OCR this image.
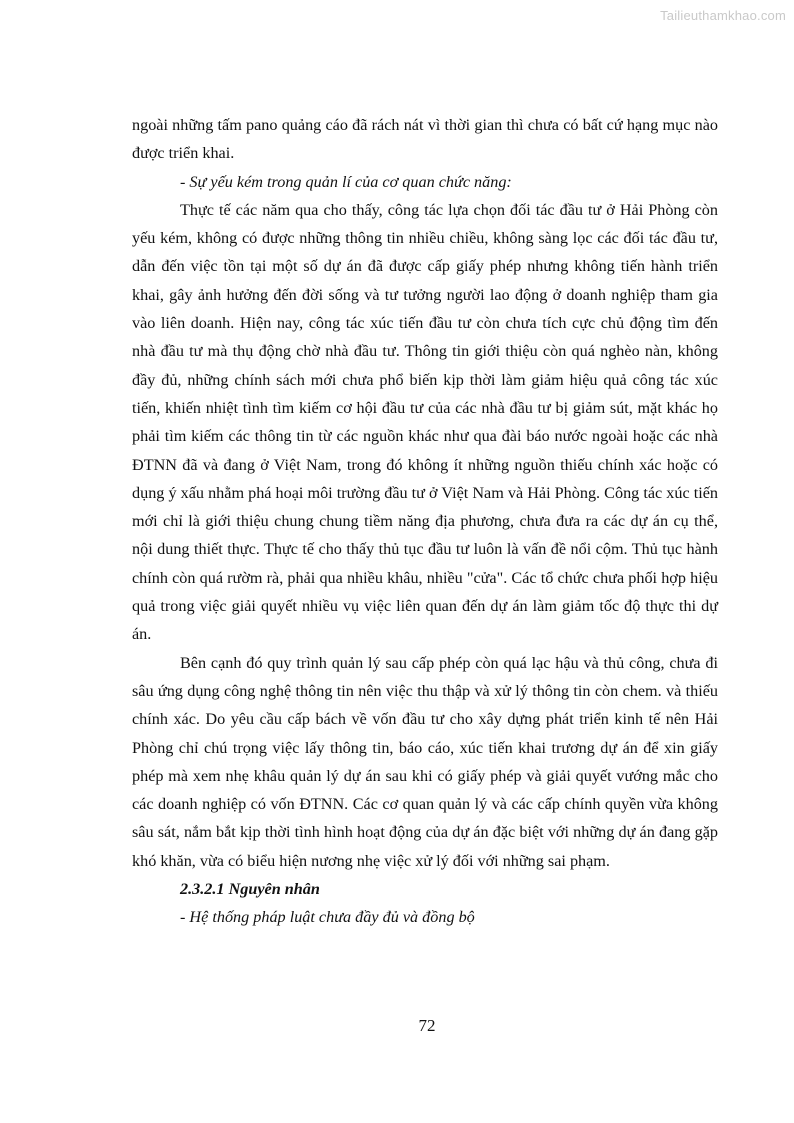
Tailieuthamkhao.com

ngoài những tấm pano quảng cáo đã rách nát vì thời gian thì chưa có bất cứ hạng mục nào được triển khai.

- Sự yếu kém trong quản lí của cơ quan chức năng:

Thực tế các năm qua cho thấy, công tác lựa chọn đối tác đầu tư ở Hải Phòng còn yếu kém, không có được những thông tin nhiều chiều, không sàng lọc các đối tác đầu tư, dẫn đến việc tồn tại một số dự án đã được cấp giấy phép nhưng không tiến hành triển khai, gây ảnh hưởng đến đời sống và tư tưởng người lao động ở doanh nghiệp tham gia vào liên doanh. Hiện nay, công tác xúc tiến đầu tư còn chưa tích cực chủ động tìm đến nhà đầu tư mà thụ động chờ nhà đầu tư. Thông tin giới thiệu còn quá nghèo nàn, không đầy đủ, những chính sách mới chưa phổ biến kịp thời làm giảm hiệu quả công tác xúc tiến, khiến nhiệt tình tìm kiếm cơ hội đầu tư của các nhà đầu tư bị giảm sút, mặt khác họ phải tìm kiếm các thông tin từ các nguồn khác như qua đài báo nước ngoài hoặc các nhà ĐTNN đã và đang ở Việt Nam, trong đó không ít những nguồn thiếu chính xác hoặc có dụng ý xấu nhằm phá hoại môi trường đầu tư ở Việt Nam và Hải Phòng. Công tác xúc tiến mới chỉ là giới thiệu chung chung tiềm năng địa phương, chưa đưa ra các dự án cụ thể, nội dung thiết thực. Thực tế cho thấy thủ tục đầu tư luôn là vấn đề nổi cộm. Thủ tục hành chính còn quá rườm rà, phải qua nhiều khâu, nhiều "cửa". Các tổ chức chưa phối hợp hiệu quả trong việc giải quyết nhiều vụ việc liên quan đến dự án làm giảm tốc độ thực thi dự án.

Bên cạnh đó quy trình quản lý sau cấp phép còn quá lạc hậu và thủ công, chưa đi sâu ứng dụng công nghệ thông tin nên việc thu thập và xử lý thông tin còn chem. và thiếu chính xác. Do yêu cầu cấp bách về vốn đầu tư cho xây dựng phát triển kinh tế nên Hải Phòng chỉ chú trọng việc lấy thông tin, báo cáo, xúc tiến khai trương dự án để xin giấy phép mà xem nhẹ khâu quản lý dự án sau khi có giấy phép và giải quyết vướng mắc cho các doanh nghiệp có vốn ĐTNN. Các cơ quan quản lý và các cấp chính quyền vừa không sâu sát, nắm bắt kịp thời tình hình hoạt động của dự án đặc biệt với những dự án đang gặp khó khăn, vừa có biểu hiện nương nhẹ việc xử lý đối với những sai phạm.

2.3.2.1 Nguyên nhân

- Hệ thống pháp luật chưa đầy đủ và đồng bộ

72
